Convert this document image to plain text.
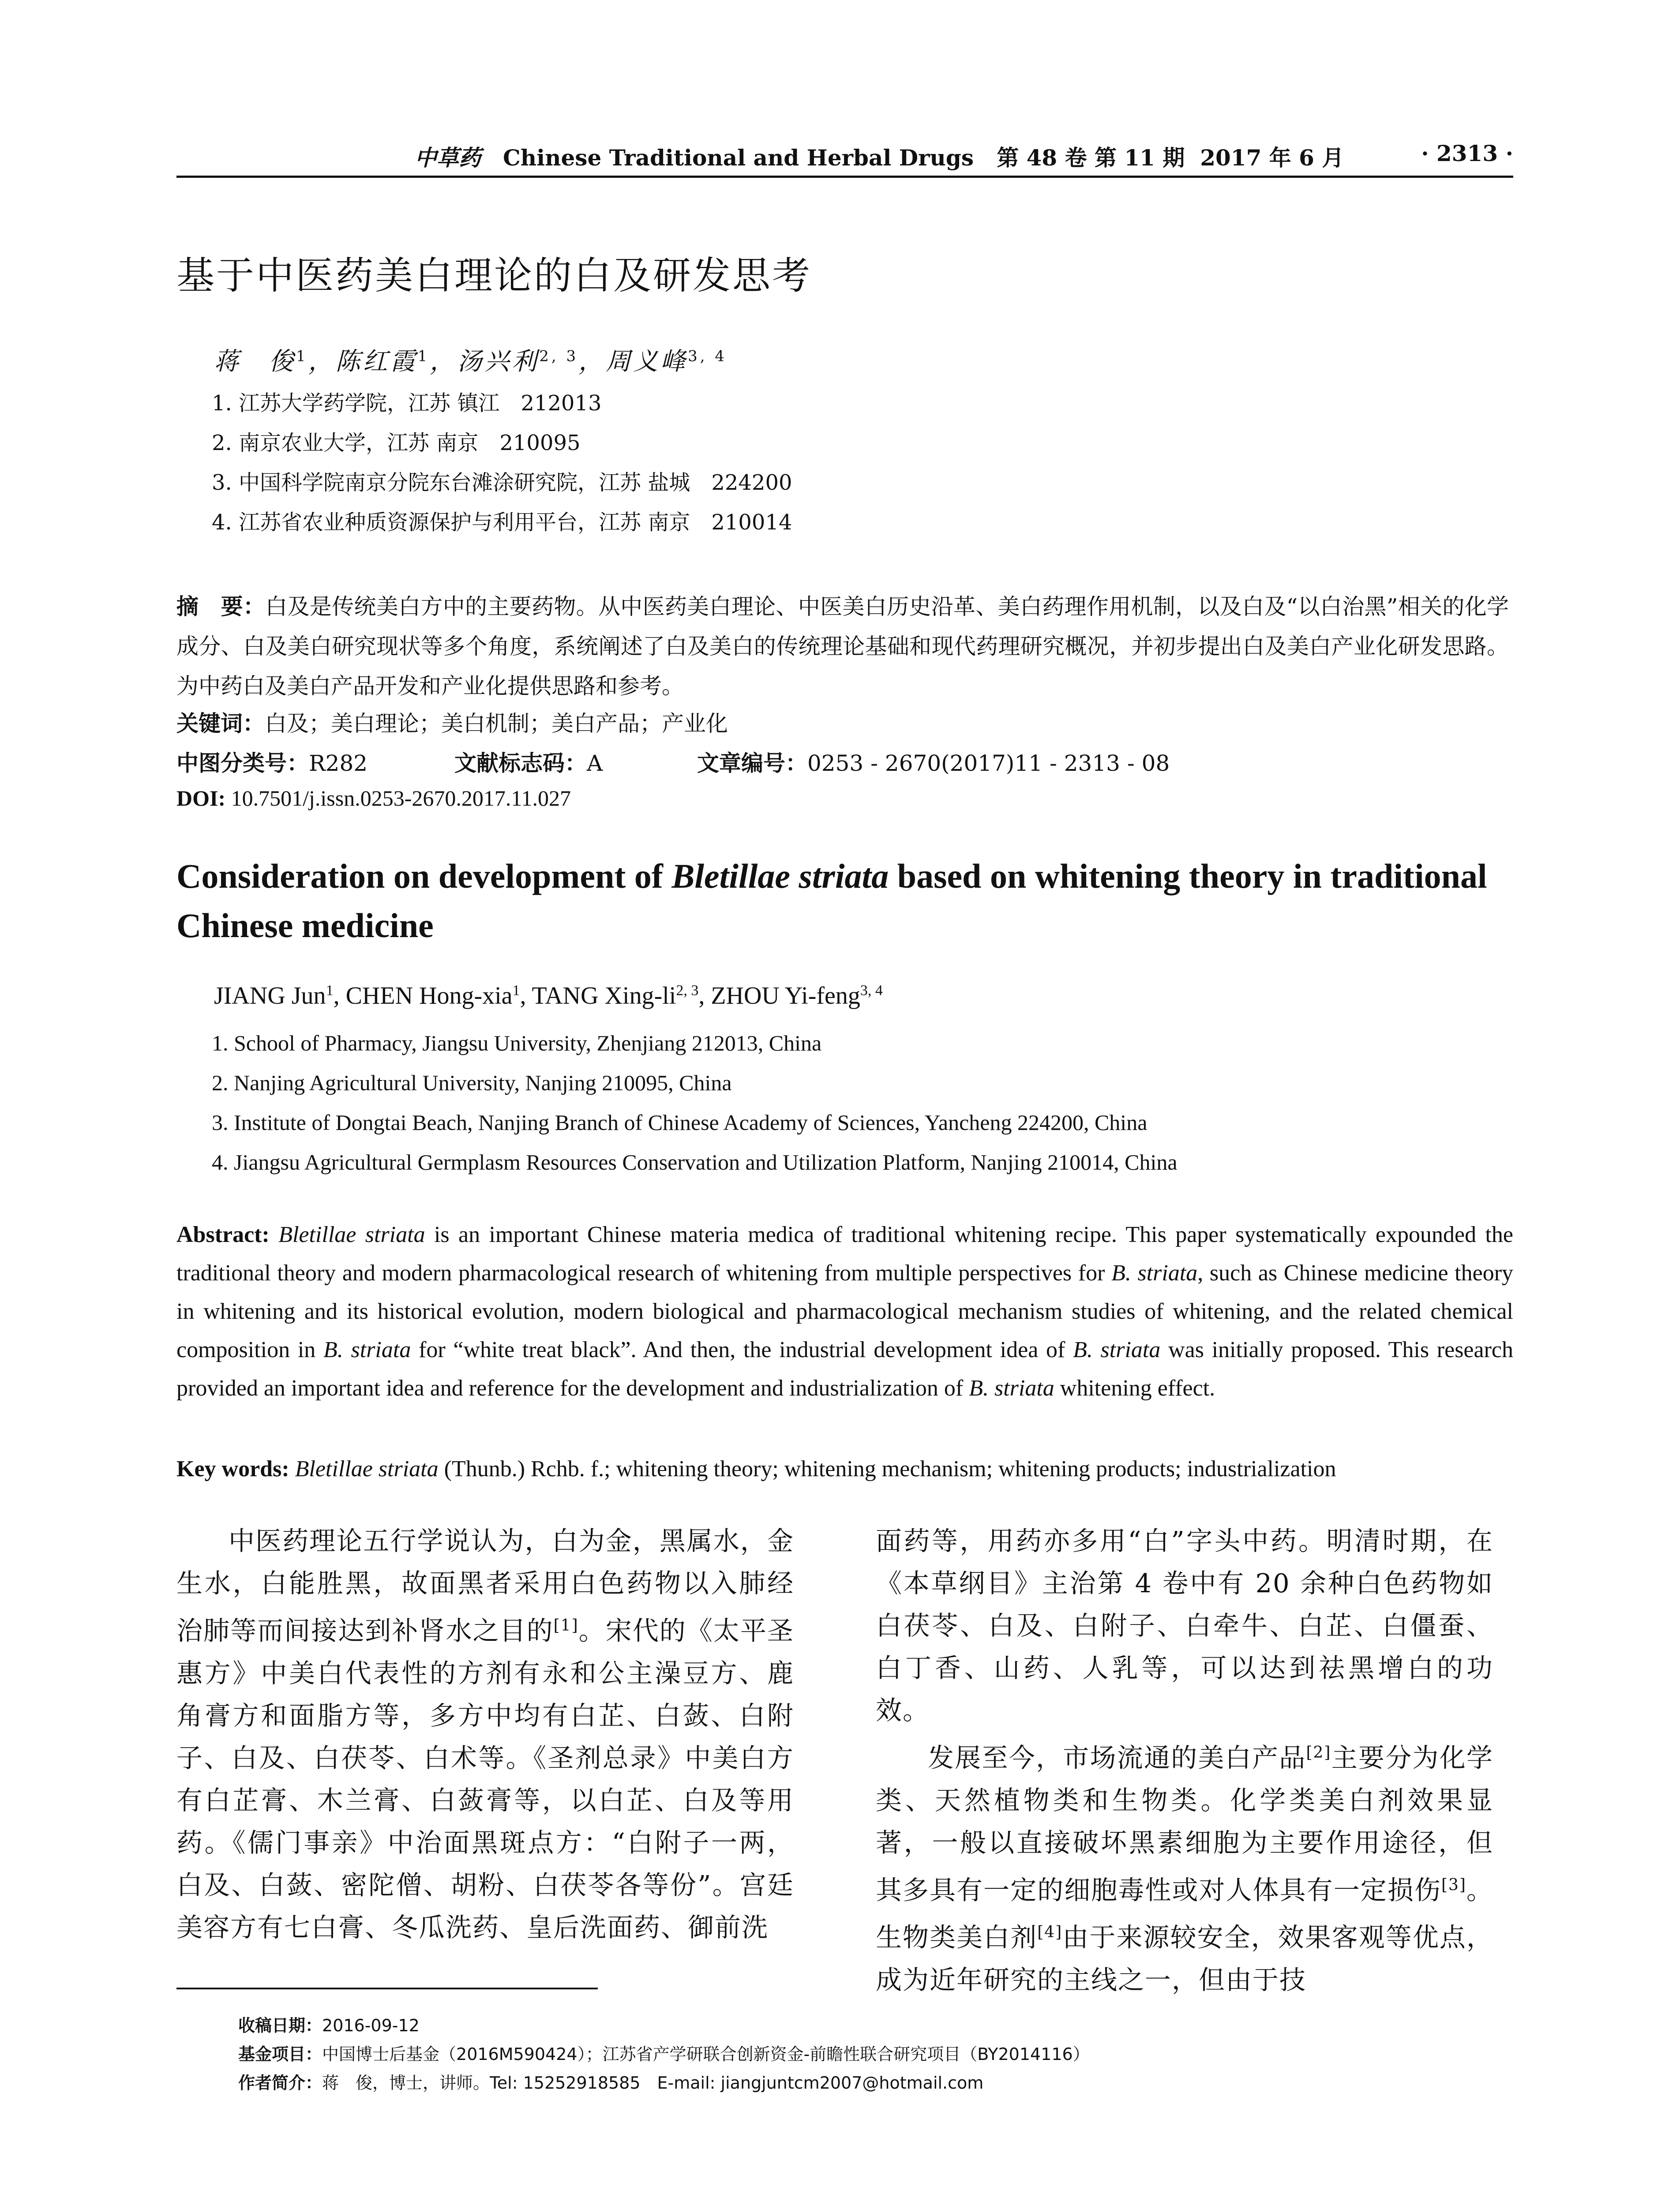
中草药 Chinese Traditional and Herbal Drugs   第 48 卷 第 11 期  2017 年 6 月	· 2313 ·
基于中医药美白理论的白及研发思考
蒋　俊$^1$，陈红霞$^1$，汤兴利$^{2, 3}$，周义峰$^{3, 4}$
1. 江苏大学药学院，江苏 镇江　212013
2. 南京农业大学，江苏 南京　210095
3. 中国科学院南京分院东台滩涂研究院，江苏 盐城　224200
4. 江苏省农业种质资源保护与利用平台，江苏 南京　210014
摘　要：白及是传统美白方中的主要药物。从中医药美白理论、中医美白历史沿革、美白药理作用机制，以及白及“以白治黑”相关的化学成分、白及美白研究现状等多个角度，系统阐述了白及美白的传统理论基础和现代药理研究概况，并初步提出白及美白产业化研发思路。为中药白及美白产品开发和产业化提供思路和参考。
关键词：白及；美白理论；美白机制；美白产品；产业化
中图分类号：R282	文献标志码：A	文章编号：0253 - 2670(2017)11 - 2313 - 08
DOI: 10.7501/j.issn.0253-2670.2017.11.027
Consideration on development of Bletillae striata based on whitening theory in traditional Chinese medicine
JIANG Jun$^1$, CHEN Hong-xia$^1$, TANG Xing-li$^{2, 3}$, ZHOU Yi-feng$^{3, 4}$
1. School of Pharmacy, Jiangsu University, Zhenjiang 212013, China
2. Nanjing Agricultural University, Nanjing 210095, China
3. Institute of Dongtai Beach, Nanjing Branch of Chinese Academy of Sciences, Yancheng 224200, China
4. Jiangsu Agricultural Germplasm Resources Conservation and Utilization Platform, Nanjing 210014, China
Abstract: Bletillae striata is an important Chinese materia medica of traditional whitening recipe. This paper systematically expounded the traditional theory and modern pharmacological research of whitening from multiple perspectives for B. striata, such as Chinese medicine theory in whitening and its historical evolution, modern biological and pharmacological mechanism studies of whitening, and the related chemical composition in B. striata for “white treat black”. And then, the industrial development idea of B. striata was initially proposed. This research provided an important idea and reference for the development and industrialization of B. striata whitening effect.
Key words: Bletillae striata (Thunb.) Rchb. f.; whitening theory; whitening mechanism; whitening products; industrialization

中医药理论五行学说认为，白为金，黑属水，金生水，白能胜黑，故面黑者采用白色药物以入肺经治肺等而间接达到补肾水之目的[1]。宋代的《太平圣惠方》中美白代表性的方剂有永和公主澡豆方、鹿角膏方和面脂方等，多方中均有白芷、白蔹、白附子、白及、白茯苓、白术等。《圣剂总录》中美白方有白芷膏、木兰膏、白蔹膏等，以白芷、白及等用药。《儒门事亲》中治面黑斑点方：“白附子一两，白及、白蔹、密陀僧、胡粉、白茯苓各等份”。宫廷美容方有七白膏、冬瓜洗药、皇后洗面药、御前洗

面药等，用药亦多用“白”字头中药。明清时期，在《本草纲目》主治第 4 卷中有 20 余种白色药物如白茯苓、白及、白附子、白牵牛、白芷、白僵蚕、白丁香、山药、人乳等，可以达到祛黑增白的功效。

发展至今，市场流通的美白产品[2]主要分为化学类、天然植物类和生物类。化学类美白剂效果显著，一般以直接破坏黑素细胞为主要作用途径，但其多具有一定的细胞毒性或对人体具有一定损伤[3]。生物类美白剂[4]由于来源较安全，效果客观等优点，成为近年研究的主线之一，但由于技

收稿日期：2016-09-12
基金项目：中国博士后基金（2016M590424）；江苏省产学研联合创新资金-前瞻性联合研究项目（BY2014116）
作者简介：蒋　俊，博士，讲师。Tel: 15252918585　E-mail: jiangjuntcm2007@hotmail.com
